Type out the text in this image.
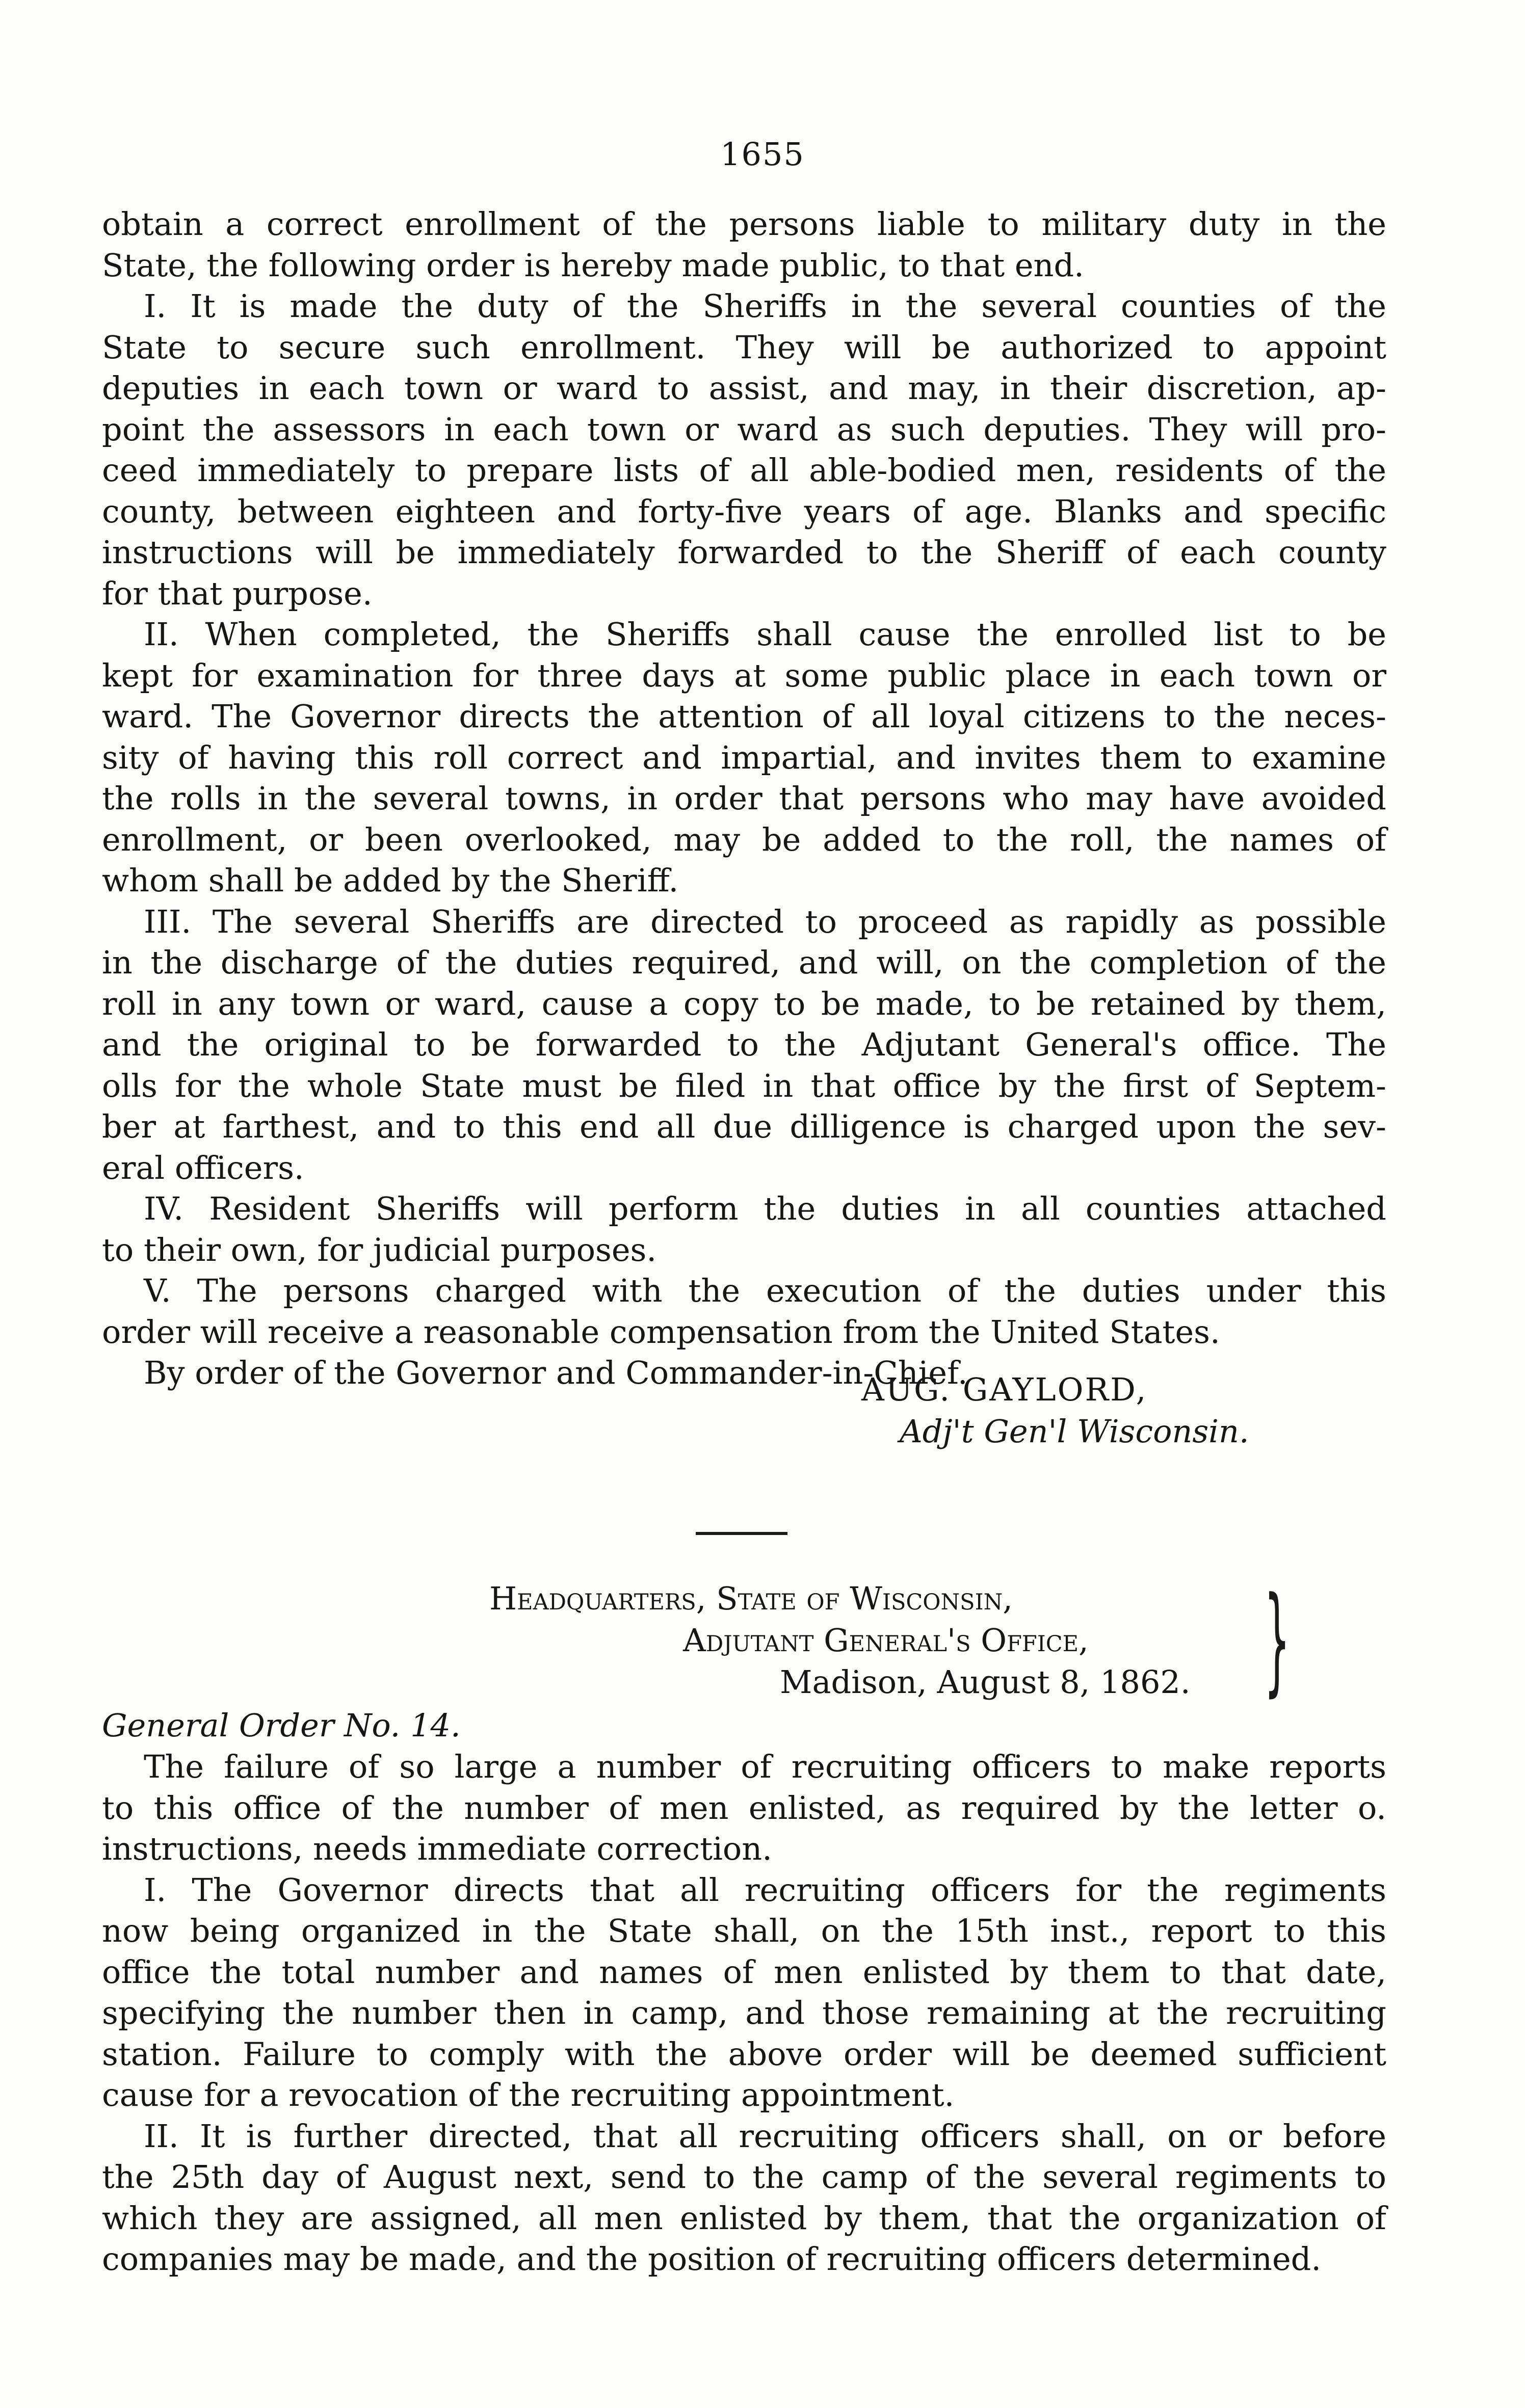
1655

obtain a correct enrollment of the persons liable to military duty in the

State, the following order is hereby made public, to that end.

I. It is made the duty of the Sheriffs in the several counties of the

State to secure such enrollment. They will be authorized to appoint

deputies in each town or ward to assist, and may, in their discretion, ap-

point the assessors in each town or ward as such deputies. They will pro-

ceed immediately to prepare lists of all able-bodied men, residents of the

county, between eighteen and forty-five years of age. Blanks and specific

instructions will be immediately forwarded to the Sheriff of each county

for that purpose.

II. When completed, the Sheriffs shall cause the enrolled list to be

kept for examination for three days at some public place in each town or

ward. The Governor directs the attention of all loyal citizens to the neces-

sity of having this roll correct and impartial, and invites them to examine

the rolls in the several towns, in order that persons who may have avoided

enrollment, or been overlooked, may be added to the roll, the names of

whom shall be added by the Sheriff.

III. The several Sheriffs are directed to proceed as rapidly as possible

in the discharge of the duties required, and will, on the completion of the

roll in any town or ward, cause a copy to be made, to be retained by them,

and the original to be forwarded to the Adjutant General's office. The

olls for the whole State must be filed in that office by the first of Septem-

ber at farthest, and to this end all due dilligence is charged upon the sev-

eral officers.

IV. Resident Sheriffs will perform the duties in all counties attached

to their own, for judicial purposes.

V. The persons charged with the execution of the duties under this

order will receive a reasonable compensation from the United States.

By order of the Governor and Commander-in-Chief.

AUG. GAYLORD,
Adj't Gen'l Wisconsin.
Headquarters, State of Wisconsin,
Adjutant General's Office,
Madison, August 8, 1862. }

General Order No. 14.

The failure of so large a number of recruiting officers to make reports

to this office of the number of men enlisted, as required by the letter o.

instructions, needs immediate correction.

I. The Governor directs that all recruiting officers for the regiments

now being organized in the State shall, on the 15th inst., report to this

office the total number and names of men enlisted by them to that date,

specifying the number then in camp, and those remaining at the recruiting

station. Failure to comply with the above order will be deemed sufficient

cause for a revocation of the recruiting appointment.

II. It is further directed, that all recruiting officers shall, on or before

the 25th day of August next, send to the camp of the several regiments to

which they are assigned, all men enlisted by them, that the organization of

companies may be made, and the position of recruiting officers determined.
